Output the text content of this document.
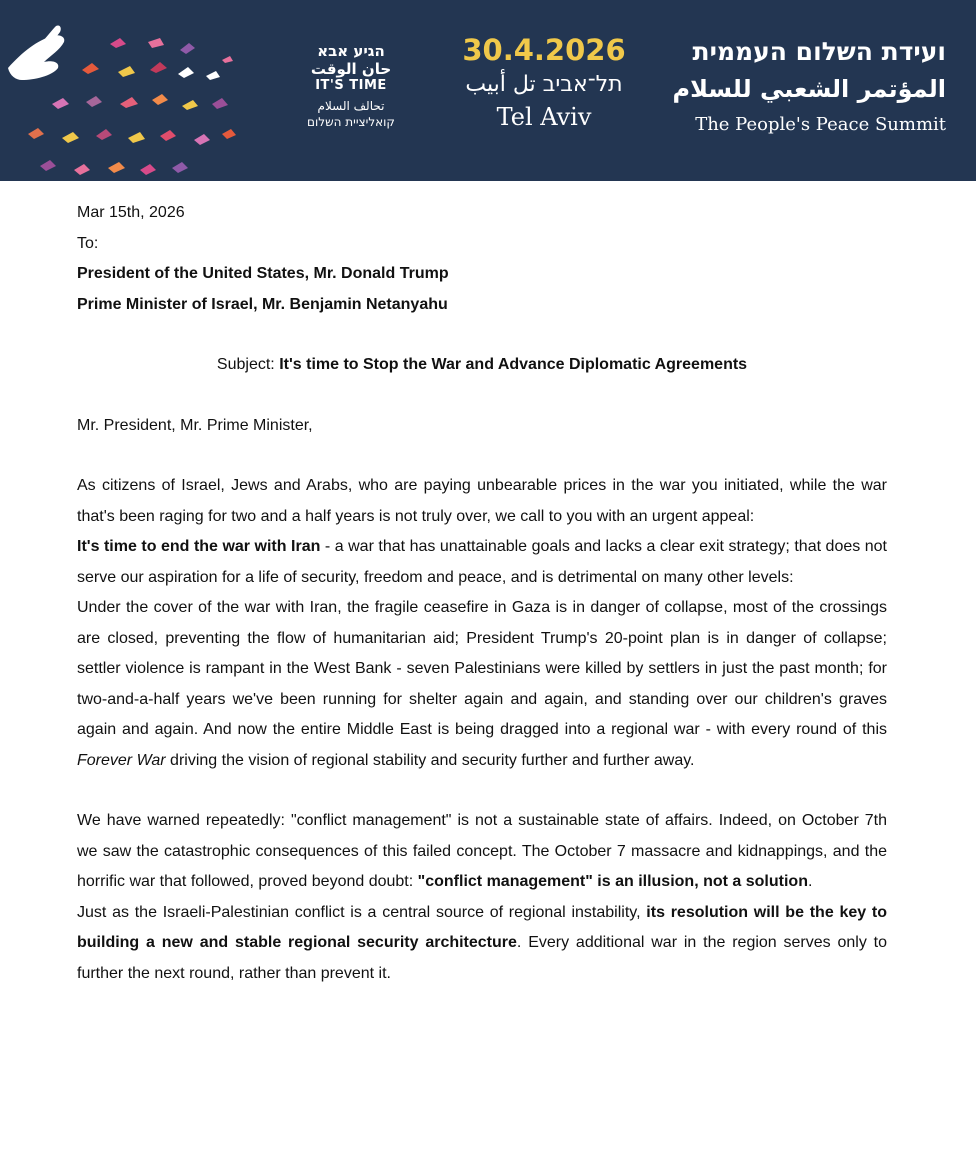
הגיע אבא
حان الوقت
IT'S TIME
تحالف السلام
קואליציית השלום
30.4.2026
תל־אביב تل أبيب
Tel Aviv
ועידת השלום העממית
المؤتمر الشعبي للسلام
The People's Peace Summit

Mar 15th, 2026

To:

President of the United States, Mr. Donald Trump

Prime Minister of Israel, Mr. Benjamin Netanyahu

Subject: It's time to Stop the War and Advance Diplomatic Agreements

Mr. President, Mr. Prime Minister,

As citizens of Israel, Jews and Arabs, who are paying unbearable prices in the war you initiated, while the war that's been raging for two and a half years is not truly over, we call to you with an urgent appeal:

It's time to end the war with Iran - a war that has unattainable goals and lacks a clear exit strategy; that does not serve our aspiration for a life of security, freedom and peace, and is detrimental on many other levels:

Under the cover of the war with Iran, the fragile ceasefire in Gaza is in danger of collapse, most of the crossings are closed, preventing the flow of humanitarian aid; President Trump's 20-point plan is in danger of collapse; settler violence is rampant in the West Bank - seven Palestinians were killed by settlers in just the past month; for two-and-a-half years we've been running for shelter again and again, and standing over our children's graves again and again. And now the entire Middle East is being dragged into a regional war - with every round of this Forever War driving the vision of regional stability and security further and further away.

We have warned repeatedly: "conflict management" is not a sustainable state of affairs. Indeed, on October 7th we saw the catastrophic consequences of this failed concept. The October 7 massacre and kidnappings, and the horrific war that followed, proved beyond doubt: "conflict management" is an illusion, not a solution.

Just as the Israeli-Palestinian conflict is a central source of regional instability, its resolution will be the key to building a new and stable regional security architecture. Every additional war in the region serves only to further the next round, rather than prevent it.
